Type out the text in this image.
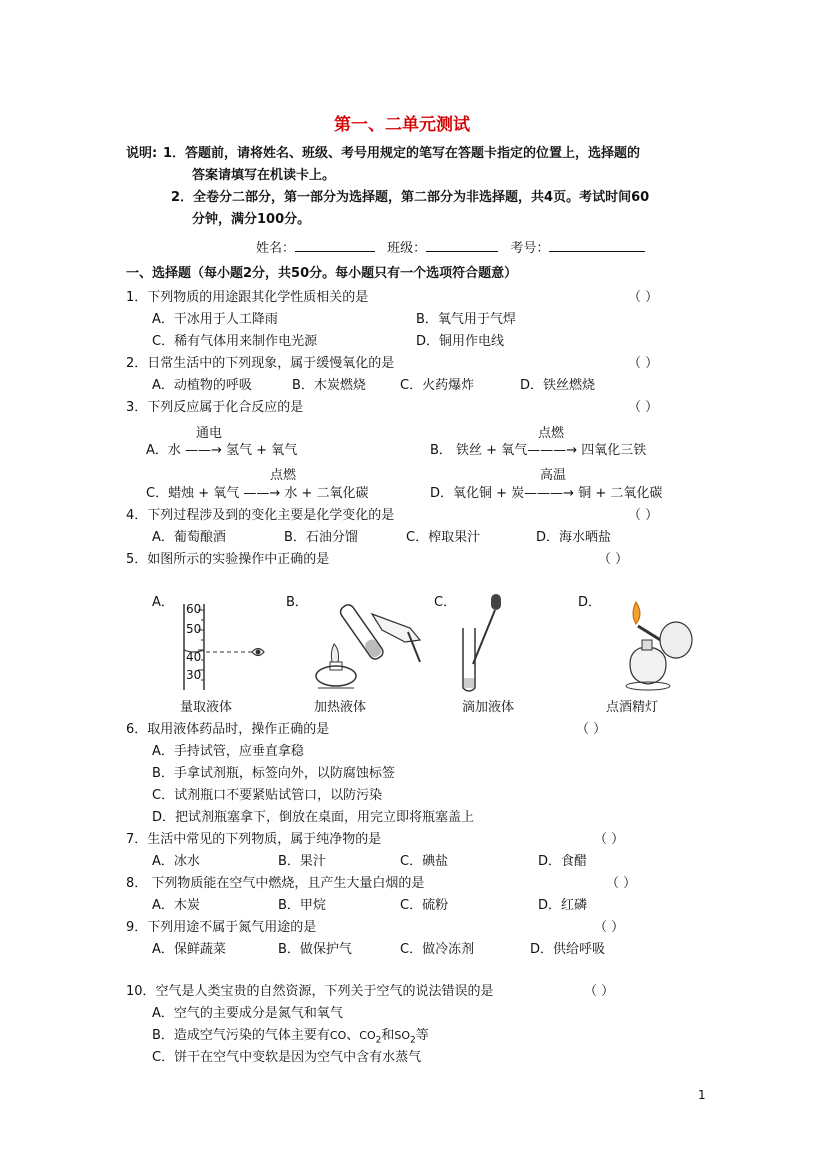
第一、二单元测试
说明: 1．答题前，请将姓名、班级、考号用规定的笔写在答题卡指定的位置上，选择题的
答案请填写在机读卡上。
2．全卷分二部分，第一部分为选择题，第二部分为非选择题，共4页。考试时间60
分钟，满分100分。
姓名：	班级：	考号：
一、选择题（每小题2分，共50分。每小题只有一个选项符合题意）
1．下列物质的用途跟其化学性质相关的是	（ ）
A．干冰用于人工降雨	B．氧气用于气焊
C．稀有气体用来制作电光源	D．铜用作电线
2．日常生活中的下列现象，属于缓慢氧化的是	（ ）
A．动植物的呼吸	B．木炭燃烧	C．火药爆炸	D．铁丝燃烧
3．下列反应属于化合反应的是	（ ）
通电
A．水 ——→ 氢气 + 氧气
点燃
B． 铁丝 + 氧气———→ 四氧化三铁
点燃
C．蜡烛 + 氧气 ——→ 水 + 二氧化碳
高温
D．氧化铜 + 炭———→ 铜 + 二氧化碳
4．下列过程涉及到的变化主要是化学变化的是	（ ）
A．葡萄酿酒	B．石油分馏	C．榨取果汁	D．海水晒盐
5．如图所示的实验操作中正确的是	（ ）
A．	B．	C．	D．
60
50
40
30
量取液体	加热液体	滴加液体	点酒精灯
6．取用液体药品时，操作正确的是	（ ）
A．手持试管，应垂直拿稳
B．手拿试剂瓶，标签向外，以防腐蚀标签
C．试剂瓶口不要紧贴试管口，以防污染
D．把试剂瓶塞拿下，倒放在桌面，用完立即将瓶塞盖上
7．生活中常见的下列物质，属于纯净物的是	（ ）
A．冰水	B．果汁	C．碘盐	D．食醋
8． 下列物质能在空气中燃烧，且产生大量白烟的是	（ ）
A．木炭	B．甲烷	C．硫粉	D．红磷
9．下列用途不属于氮气用途的是	（ ）
A．保鲜蔬菜	B．做保护气	C．做冷冻剂	D．供给呼吸
10．空气是人类宝贵的自然资源，下列关于空气的说法错误的是	（ ）
A．空气的主要成分是氮气和氧气
B．造成空气污染的气体主要有CO、$CO_2$和$SO_2$等
C．饼干在空气中变软是因为空气中含有水蒸气
1
